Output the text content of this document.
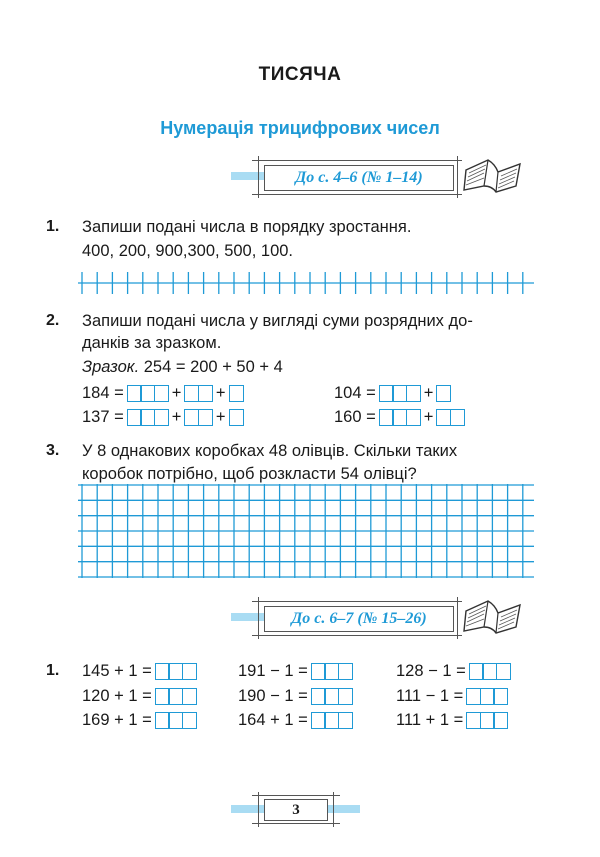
ТИСЯЧА
Нумерація трицифрових чисел
До с. 4–6 (№ 1–14)
1. Запиши подані числа в порядку зростання.
400, 200, 900,300, 500, 100.
2. Запиши подані числа у вигляді суми розрядних до-
данків за зразком.
Зразок. 254 = 200 + 50 + 4
184 =	+ +	104 =	+
137 =	+ +	160 =	+
3. У 8 однакових коробках 48 олівців. Скільки таких
коробок потрібно, щоб розкласти 54 олівці?
До с. 6–7 (№ 15–26)
1. 145 + 1 =	191 − 1 =	128 − 1 =
120 + 1 =	190 − 1 =	111 − 1 =
169 + 1 =	164 + 1 =	111 + 1 =
3
